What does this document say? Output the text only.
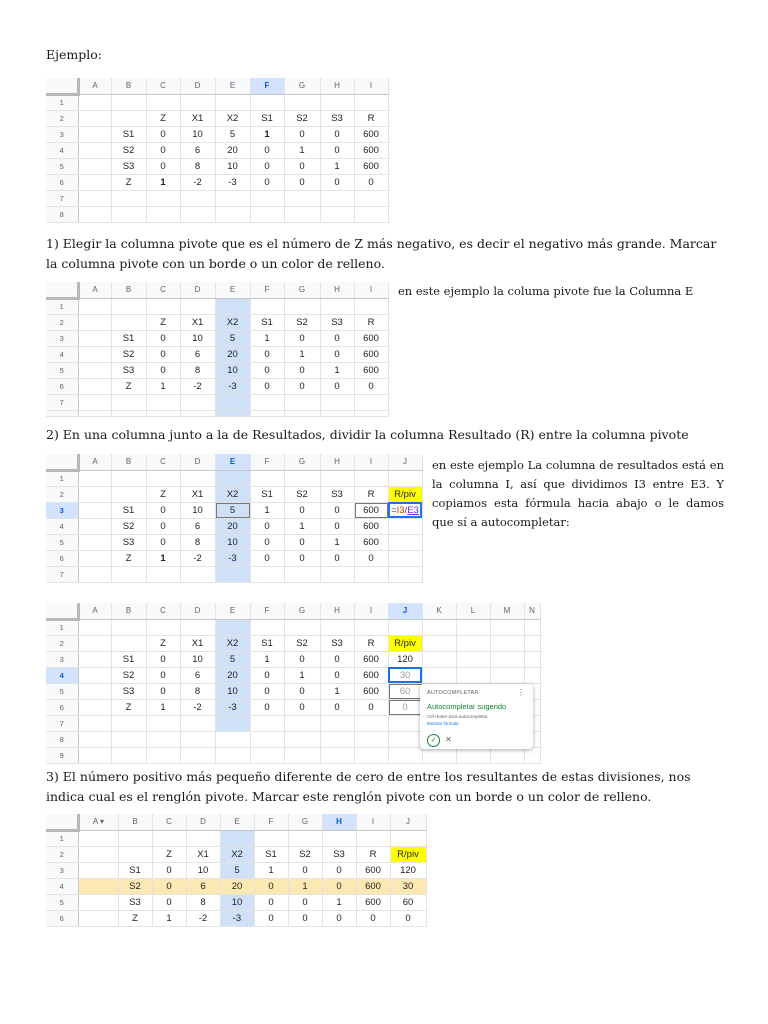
Ejemplo:
	A	B	C	D	E	F	G	H	I
1									
2			Z	X1	X2	S1	S2	S3	R
3		S1	0	10	5	1	0	0	600
4		S2	0	6	20	0	1	0	600
5		S3	0	8	10	0	0	1	600
6		Z	1	-2	-3	0	0	0	0
7									
8									
1) Elegir la columna pivote que es el número de Z más negativo, es decir el negativo más grande. Marcar la columna pivote con un borde o un color de relleno.
	A	B	C	D	E	F	G	H	I
1									
2			Z	X1	X2	S1	S2	S3	R
3		S1	0	10	5	1	0	0	600
4		S2	0	6	20	0	1	0	600
5		S3	0	8	10	0	0	1	600
6		Z	1	-2	-3	0	0	0	0
7									

en este ejemplo la columa pivote fue la Columna E
2) En una columna junto a la de Resultados, dividir la columna Resultado (R) entre la columna pivote
	A	B	C	D	E	F	G	H	I	J
1										
2			Z	X1	X2	S1	S2	S3	R	R/piv
3		S1	0	10	5	1	0	0	600	=I3/E3
4		S2	0	6	20	0	1	0	600	
5		S3	0	8	10	0	0	1	600	
6		Z	1	-2	-3	0	0	0	0	
7										
en este ejemplo La columna de resultados está en la columna I, así que dividimos I3 entre E3. Y copiamos esta fórmula hacia abajo o le damos que sí a autocompletar:
	A	B	C	D	E	F	G	H	I	J	K	L	M	N
1														
2			Z	X1	X2	S1	S2	S3	R	R/piv				
3		S1	0	10	5	1	0	0	600	120				
4		S2	0	6	20	0	1	0	600	30				
5		S3	0	8	10	0	0	1	600	60				
6		Z	1	-2	-3	0	0	0	0	0				
7														
8														
9														
AUTOCOMPLETAR	⋮
Autocompletar sugerido
Ctrl+Enter para autocompletar.
Mostrar fórmula
✓	✕
3) El número positivo más pequeño diferente de cero de entre los resultantes de estas divisiones, nos indica cual es el renglón pivote. Marcar este renglón pivote con un borde o un color de relleno.
	A ▾	B	C	D	E	F	G	H	I	J
1										
2			Z	X1	X2	S1	S2	S3	R	R/piv
3		S1	0	10	5	1	0	0	600	120
4		S2	0	6	20	0	1	0	600	30
5		S3	0	8	10	0	0	1	600	60
6		Z	1	-2	-3	0	0	0	0	0
